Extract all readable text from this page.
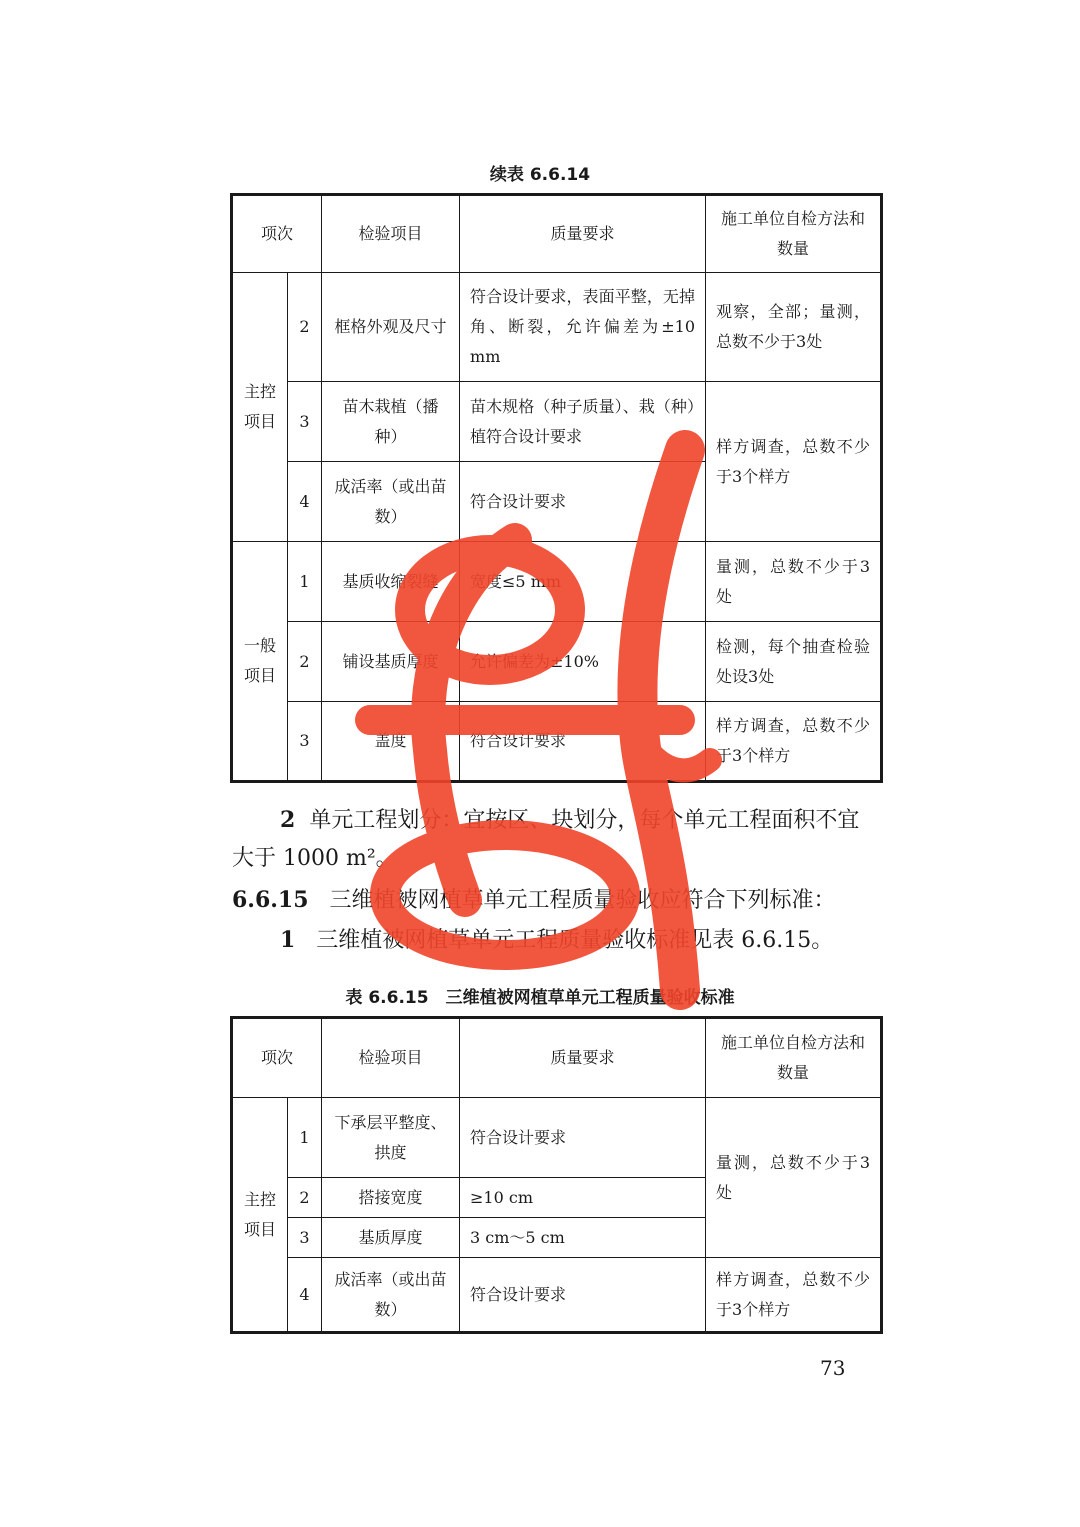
续表 6.6.14
项次		检验项目	质量要求	施工单位自检方法和数量
主控项目	2	框格外观及尺寸	符合设计要求，表面平整，无掉角、断裂，允许偏差为±10 mm	观察，全部；量测，总数不少于3处
	3	苗木栽植（播种）	苗木规格（种子质量）、栽（种）植符合设计要求	样方调查，总数不少于3个样方
	4	成活率（或出苗数）	符合设计要求	
一般项目	1	基质收缩裂缝	宽度≤5 mm	量测，总数不少于3处
	2	铺设基质厚度	允许偏差为±10%	检测，每个抽查检验处设3处
	3	盖度	符合设计要求	样方调查，总数不少于3个样方

2 单元工程划分：宜按区、块划分，每个单元工程面积不宜大于 1000 m²。

6.6.15 三维植被网植草单元工程质量验收应符合下列标准：

1 三维植被网植草单元工程质量验收标准见表 6.6.15。

表 6.6.15　三维植被网植草单元工程质量验收标准
项次		检验项目	质量要求	施工单位自检方法和数量
主控项目	1	下承层平整度、拱度	符合设计要求	量测，总数不少于3处
	2	搭接宽度	≥10 cm	
	3	基质厚度	3 cm～5 cm	
	4	成活率（或出苗数）	符合设计要求	样方调查，总数不少于3个样方
73
